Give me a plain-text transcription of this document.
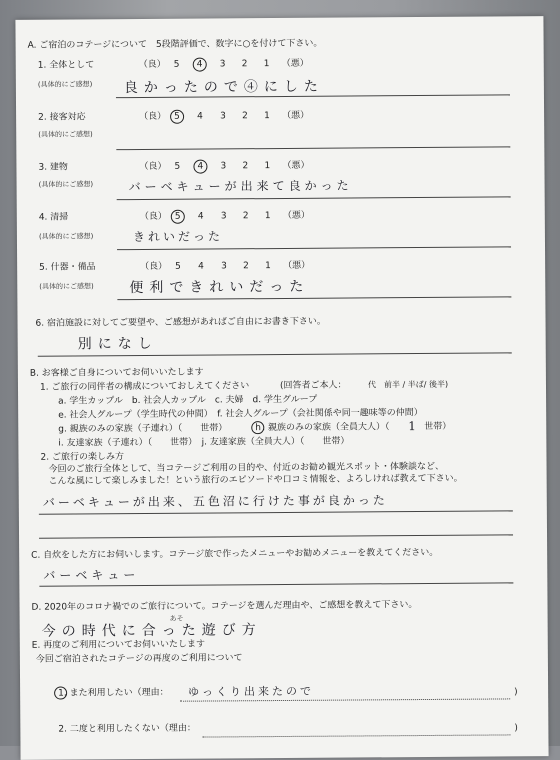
A. ご宿泊のコテージについて　5段階評価で、数字に○を付けて下さい。
1. 全体として	（良） 5 4 3 2 1 （悪）
(具体的にご感想) 良かったので④にした
2. 接客対応	（良） 5 4 3 2 1 （悪）
(具体的にご感想)
3. 建物	（良） 5 4 3 2 1 （悪）
(具体的にご感想)	バーベキューが出来て良かった
4. 清掃	（良） 5 4 3 2 1 （悪）
(具体的にご感想)	きれいだった
5. 什器・備品	（良） 5 4 3 2 1 （悪）
(具体的にご感想)	便利できれいだった
6. 宿泊施設に対してご要望や、ご感想があればご自由にお書き下さい。
別になし
B. お客様ご自身についてお伺いいたします
1. ご旅行の同伴者の構成についておしえてください	(回答者ご本人：	代　前半 / 半ば/ 後半)
a. 学生カップル　b. 社会人カップル　c. 夫婦　d. 学生グループ
e. 社会人グループ（学生時代の仲間）　f. 社会人グループ（会社関係や同一趣味等の仲間）
g. 親族のみの家族（子連れ）（　　世帯）	h . 親族のみの家族（全員大人）（ 1 世帯）
i. 友達家族（子連れ）（　　世帯）　j. 友達家族（全員大人）（　　世帯）
2. ご旅行の楽しみ方
今回のご旅行全体として、当コテージご利用の目的や、付近のお勧め観光スポット・体験談など、
こんな風にして楽しみました！という旅行のエピソードや口コミ情報を、よろしければ教えて下さい。
バーベキューが出来、五色沼に行けた事が良かった
C. 自炊をした方にお伺いします。コテージ旅で作ったメニューやお勧めメニューを教えてください。
バーベキュー
D. 2020年のコロナ禍でのご旅行について。コテージを選んだ理由や、ご感想を教えて下さい。
あそ
今の時代に合った遊び方
E. 再度のご利用についてお伺いいたします
今回ご宿泊されたコテージの再度のご利用について
1. また利用したい（理由： ゆっくり出来たので	)
2. 二度と利用したくない（理由：	)
